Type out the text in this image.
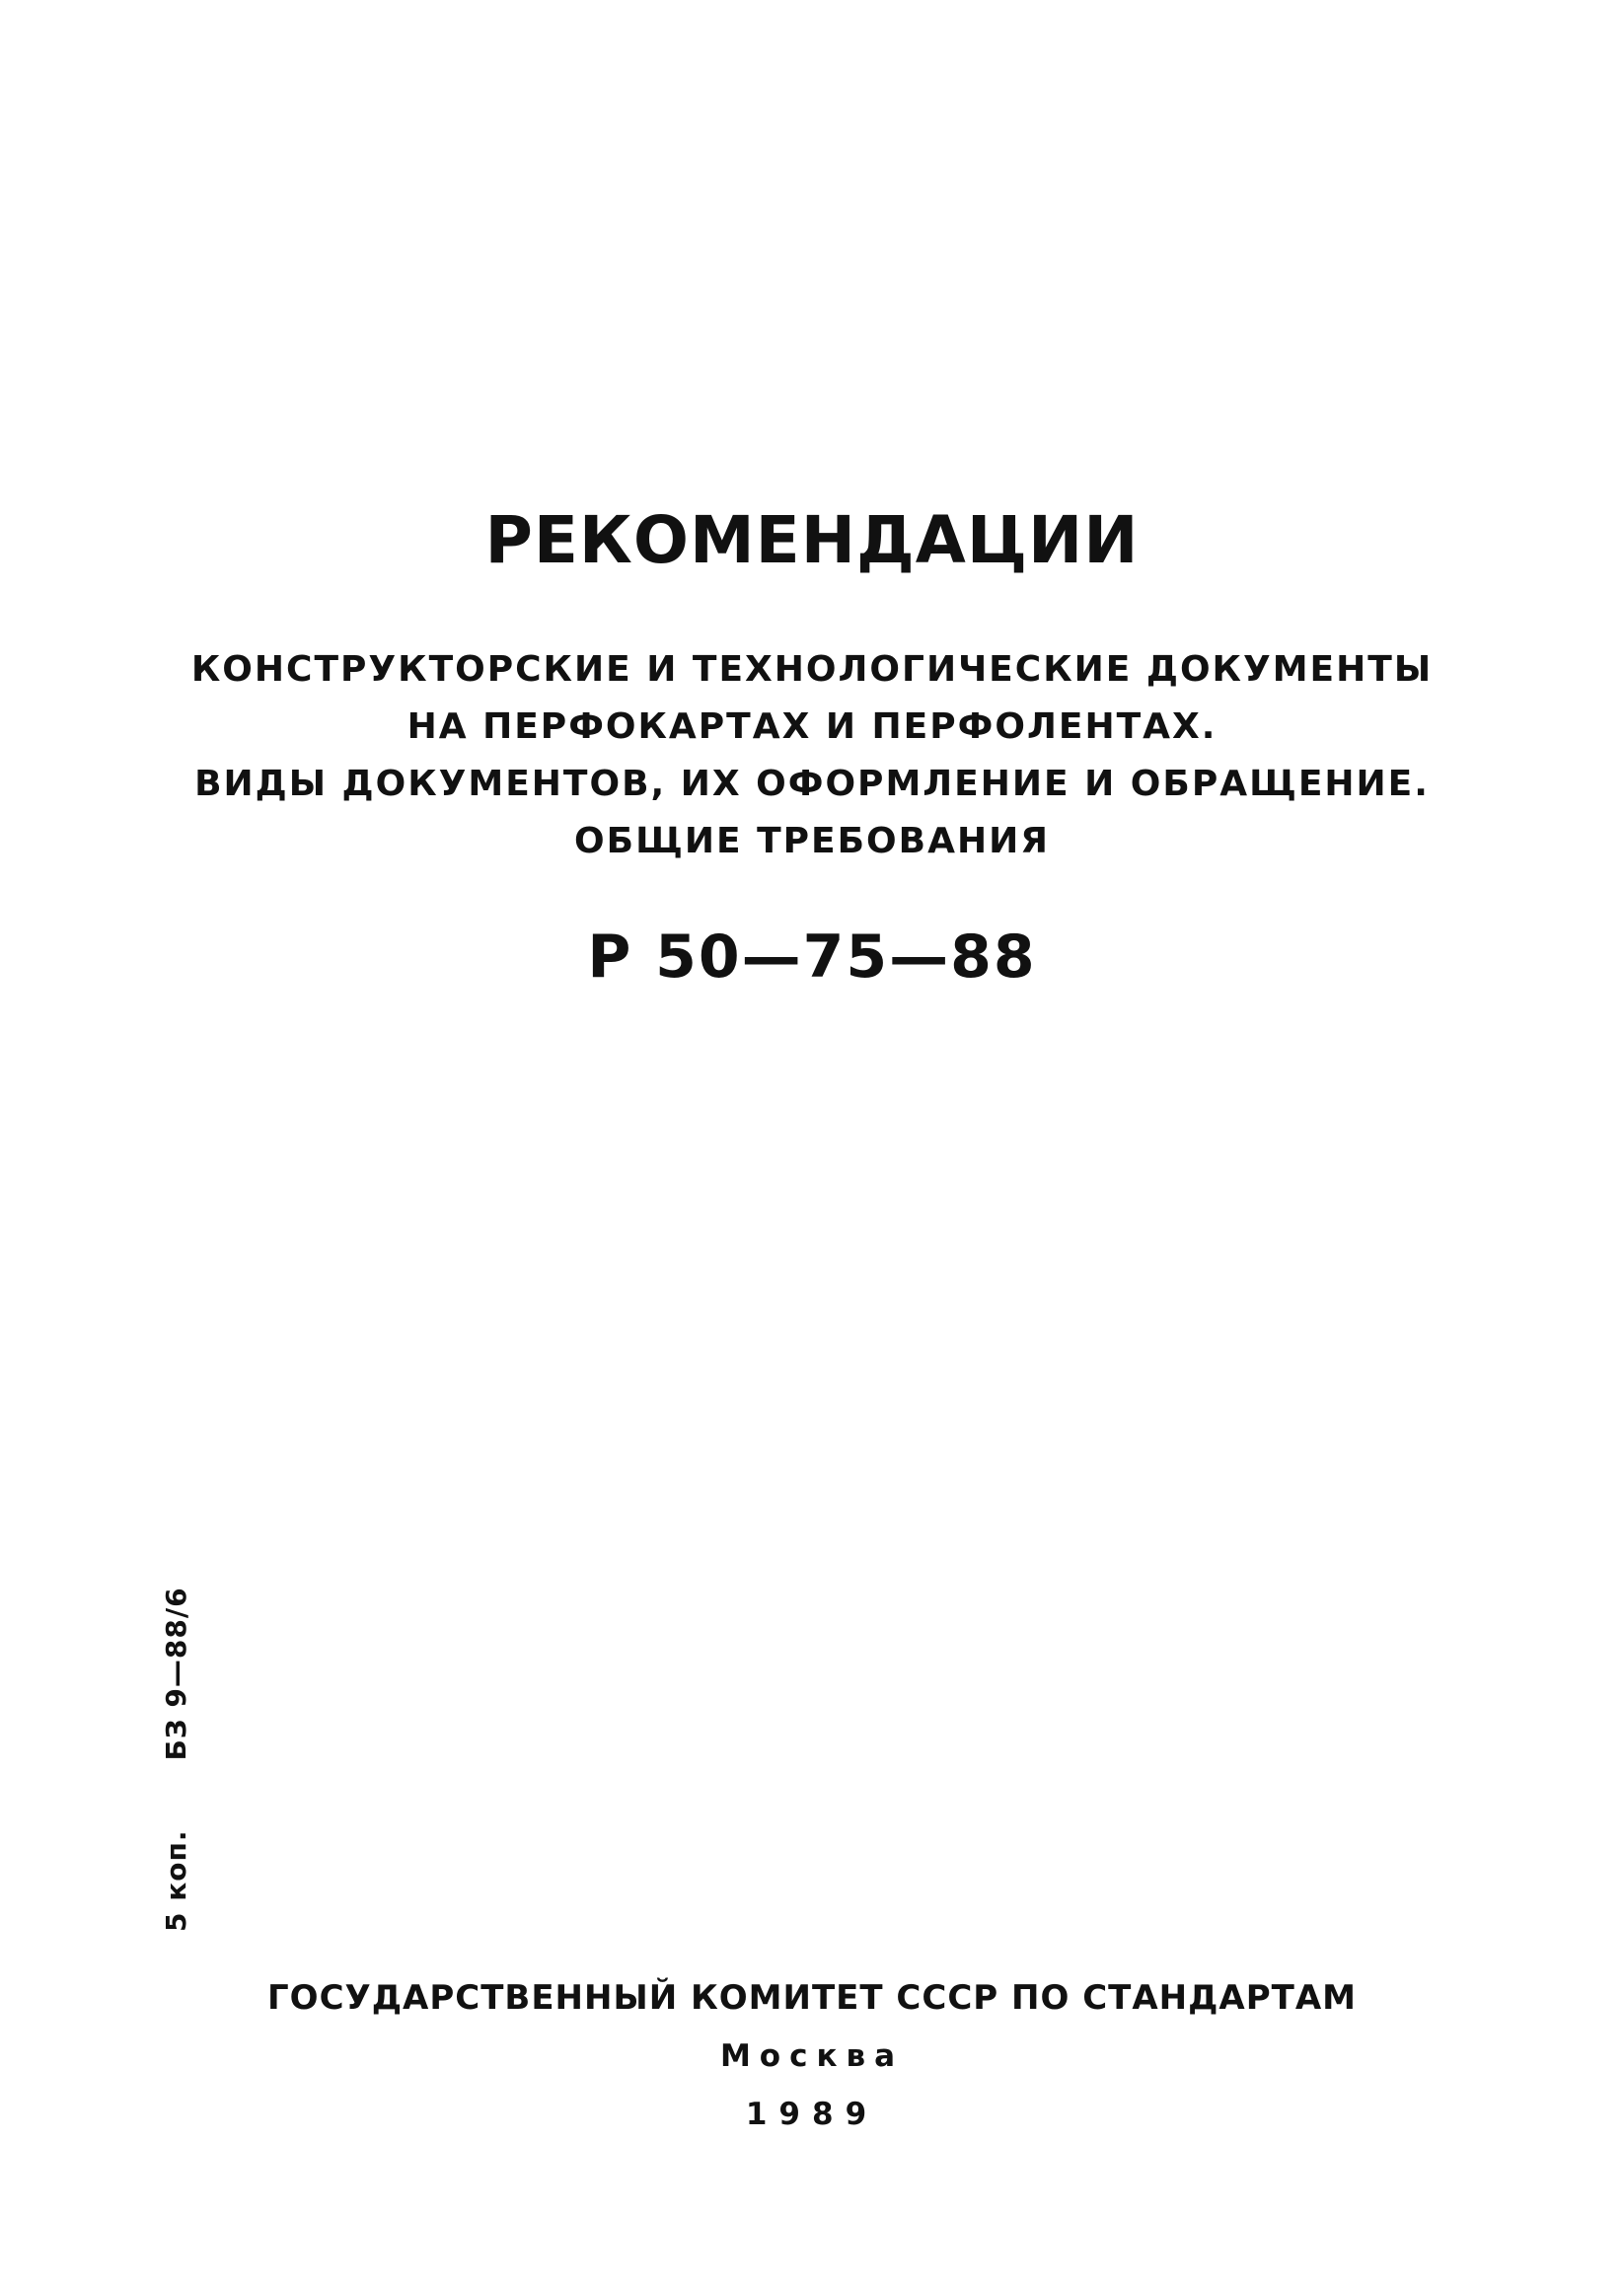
РЕКОМЕНДАЦИИ
КОНСТРУКТОРСКИЕ И ТЕХНОЛОГИЧЕСКИЕ ДОКУМЕНТЫ
НА ПЕРФОКАРТАХ И ПЕРФОЛЕНТАХ.
ВИДЫ ДОКУМЕНТОВ, ИХ ОФОРМЛЕНИЕ И ОБРАЩЕНИЕ.
ОБЩИЕ ТРЕБОВАНИЯ
Р 50—75—88
5 коп.БЗ 9—88/6
ГОСУДАРСТВЕННЫЙ КОМИТЕТ СССР ПО СТАНДАРТАМ
Москва
1989
